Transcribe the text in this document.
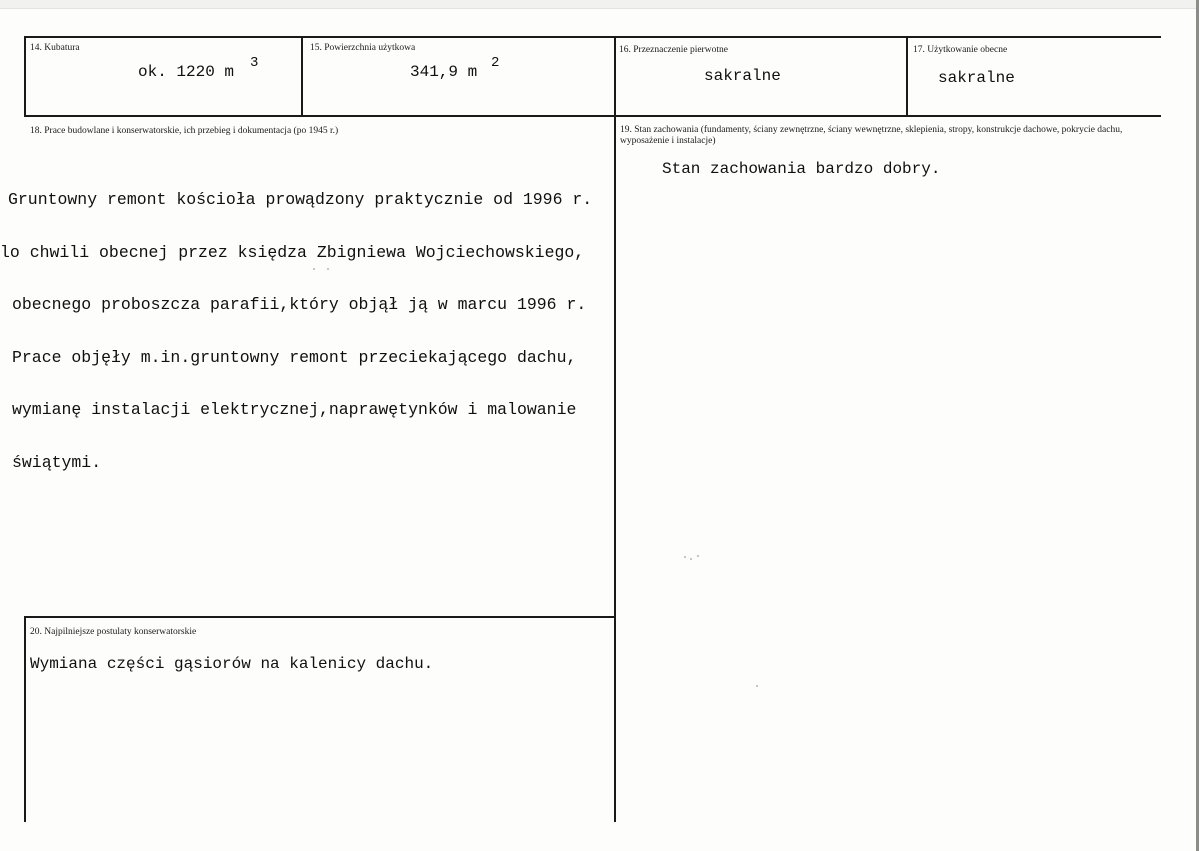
14. Kubatura
ok. 1220 m 3
15. Powierzchnia użytkowa
341,9 m 2
16. Przeznaczenie pierwotne
sakralne
17. Użytkowanie obecne
sakralne
18. Prace budowlane i konserwatorskie, ich przebieg i dokumentacja (po 1945 r.)

Gruntowny remont kościoła prowądzony praktycznie od 1996 r.

lo chwili obecnej przez księdza Zbigniewa Wojciechowskiego,

obecnego proboszcza parafii,który objął ją w marcu 1996 r.

Prace objęły m.in.gruntowny remont przeciekającego dachu,

wymianę instalacji elektrycznej,naprawętynków i malowanie

świątymi.

19. Stan zachowania (fundamenty, ściany zewnętrzne, ściany wewnętrzne, sklepienia, stropy, konstrukcje dachowe, pokrycie dachu, wyposażenie i instalacje)
Stan zachowania bardzo dobry.
20. Najpilniejsze postulaty konserwatorskie
Wymiana części gąsiorów na kalenicy dachu.
